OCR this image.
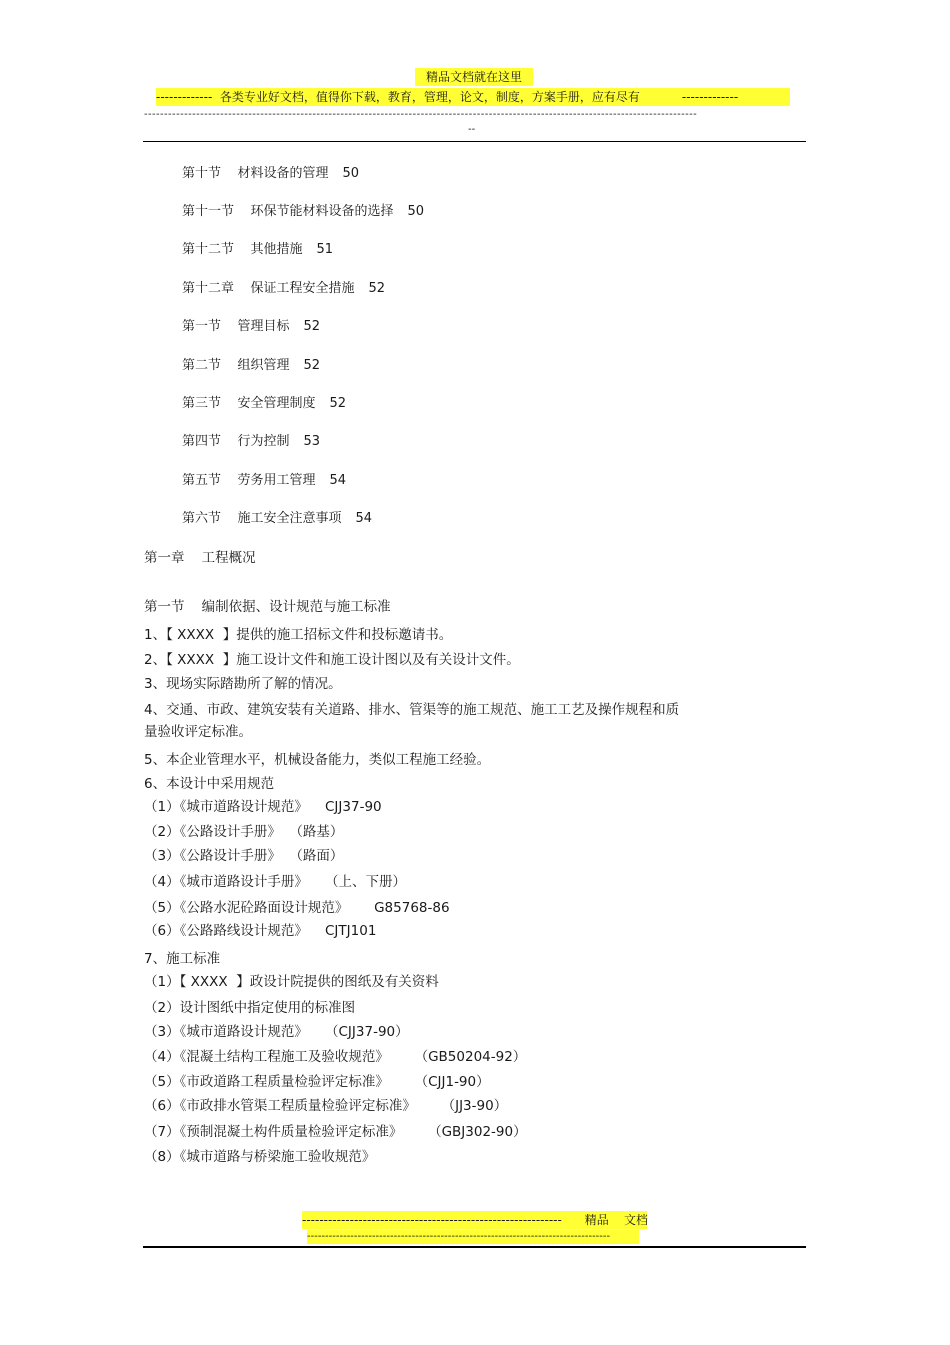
精品文档就在这里
-------------  各类专业好文档，值得你下载，教育，管理，论文，制度，方案手册，应有尽有           -------------
------------------------------------------------------------------------------------------------------------------------------------------
--
第十节    材料设备的管理 50
第十一节    环保节能材料设备的选择 50
第十二节    其他措施 51
第十二章    保证工程安全措施 52
第一节    管理目标 52
第二节    组织管理 52
第三节    安全管理制度 52
第四节    行为控制 53
第五节    劳务用工管理 54
第六节    施工安全注意事项 54
第一章    工程概况
第一节    编制依据、设计规范与施工标准
1、【 XXXX  】提供的施工招标文件和投标邀请书。
2、【 XXXX  】施工设计文件和施工设计图以及有关设计文件。
3、现场实际踏勘所了解的情况。
4、交通、市政、建筑安装有关道路、排水、管渠等的施工规范、施工工艺及操作规程和质
量验收评定标准。
5、本企业管理水平，机械设备能力，类似工程施工经验。
6、本设计中采用规范
（1）《城市道路设计规范》    CJJ37-90
（2）《公路设计手册》  （路基）
（3）《公路设计手册》  （路面）
（4）《城市道路设计手册》    （上、下册）
（5）《公路水泥砼路面设计规范》      G85768-86
（6）《公路路线设计规范》    CJTJ101
7、施工标准
（1）【 XXXX  】政设计院提供的图纸及有关资料
（2）设计图纸中指定使用的标准图
（3）《城市道路设计规范》    （CJJ37-90）
（4）《混凝土结构工程施工及验收规范》      （GB50204-92）
（5）《市政道路工程质量检验评定标准》      （CJJ1-90）
（6）《市政排水管渠工程质量检验评定标准》      （JJ3-90）
（7）《预制混凝土构件质量检验评定标准》      （GBJ302-90）
（8）《城市道路与桥梁施工验收规范》
------------------------------------------------------------      精品    文档
------------------------------------------------------------------------------------
